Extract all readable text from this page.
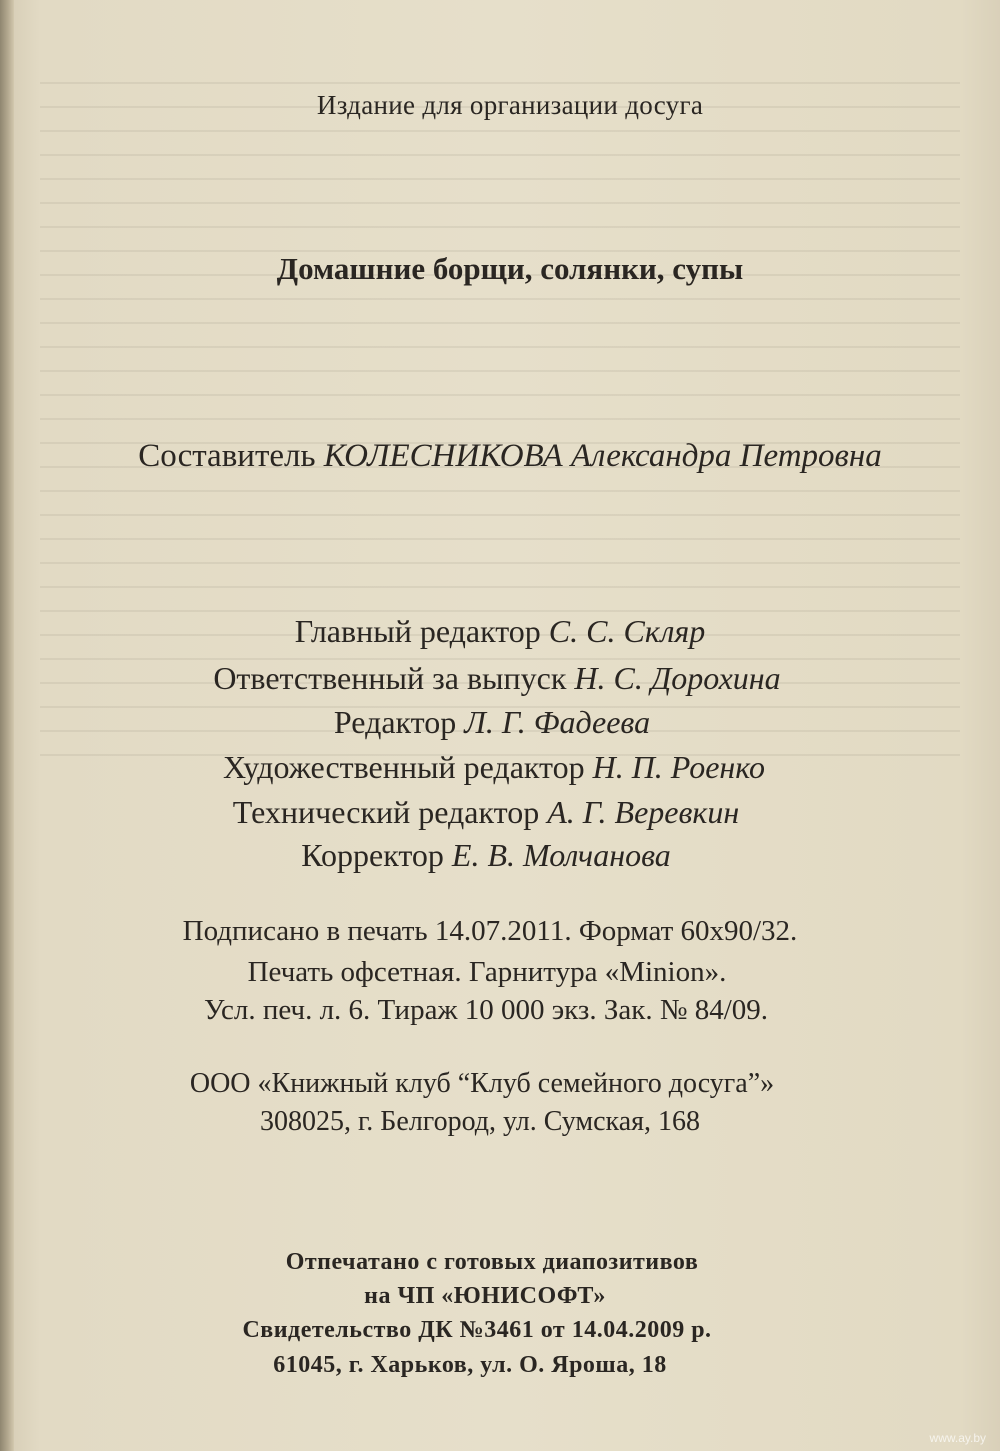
Издание для организации досуга
Домашние борщи, солянки, супы
Составитель КОЛЕСНИКОВА Александра Петровна
Главный редактор С. С. Скляр
Ответственный за выпуск Н. С. Дорохина
Редактор Л. Г. Фадеева
Художественный редактор Н. П. Роенко
Технический редактор А. Г. Веревкин
Корректор Е. В. Молчанова
Подписано в печать 14.07.2011. Формат 60х90/32.
Печать офсетная. Гарнитура «Minion».
Усл. печ. л. 6. Тираж 10 000 экз. Зак. № 84/09.
ООО «Книжный клуб “Клуб семейного досуга”»
308025, г. Белгород, ул. Сумская, 168
Отпечатано с готовых диапозитивов
на ЧП «ЮНИСОФТ»
Свидетельство ДК №3461 от 14.04.2009 р.
61045, г. Харьков, ул. О. Яроша, 18
www.ay.by
